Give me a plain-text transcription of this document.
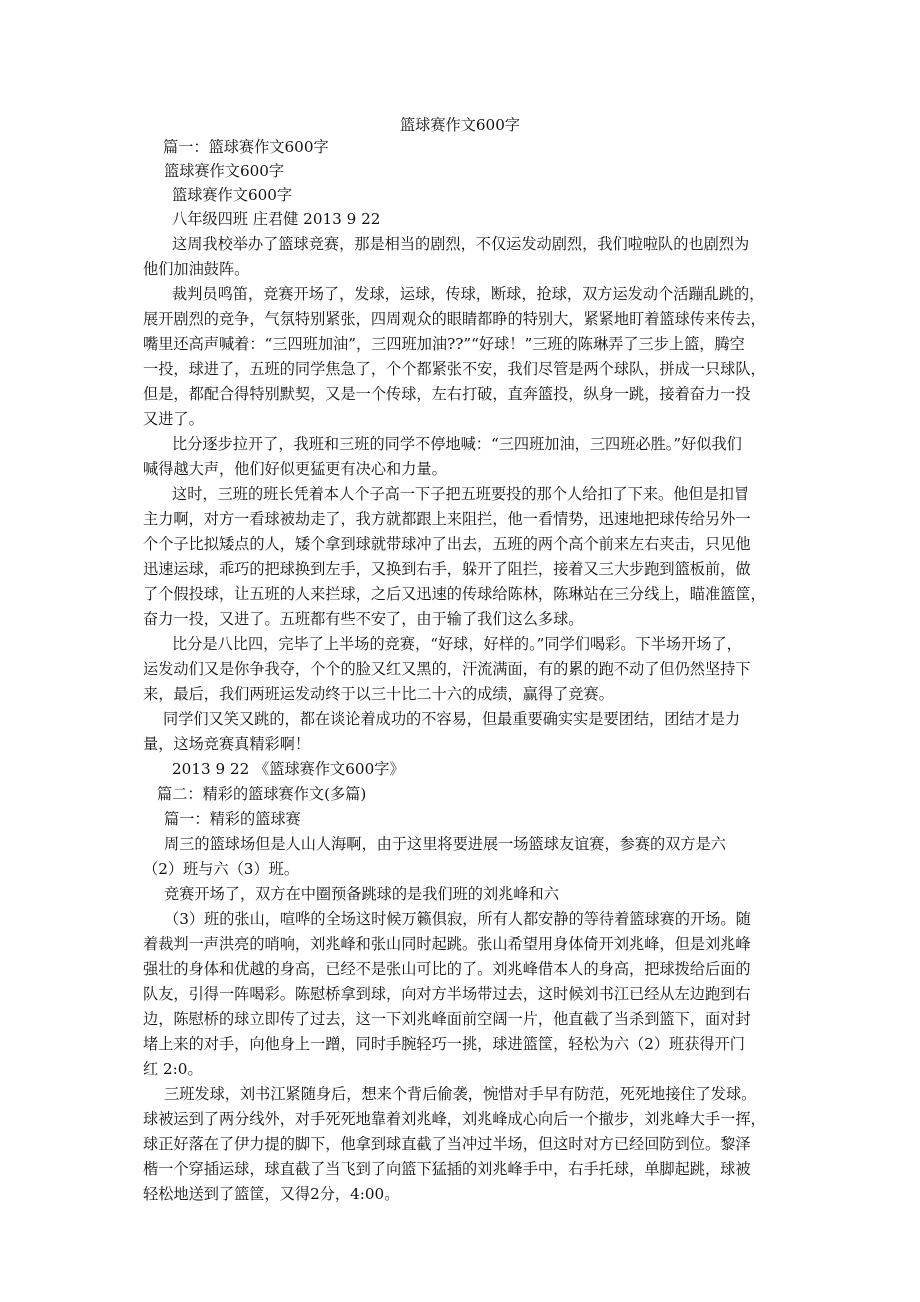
篮球赛作文600字
篇一：篮球赛作文600字
篮球赛作文600字
篮球赛作文600字
八年级四班 庄君健 2013 9 22
这周我校举办了篮球竞赛，那是相当的剧烈，不仅运发动剧烈，我们啦啦队的也剧烈为
他们加油鼓阵。
裁判员鸣笛，竞赛开场了，发球，运球，传球，断球，抢球，双方运发动个活蹦乱跳的，
展开剧烈的竞争，气氛特别紧张，四周观众的眼睛都睁的特别大，紧紧地盯着篮球传来传去，
嘴里还高声喊着：“三四班加油”，三四班加油??”“好球！”三班的陈琳弄了三步上篮，腾空
一投，球进了，五班的同学焦急了，个个都紧张不安，我们尽管是两个球队，拼成一只球队，
但是，都配合得特别默契，又是一个传球，左右打破，直奔篮投，纵身一跳，接着奋力一投
又进了。
比分逐步拉开了，我班和三班的同学不停地喊：“三四班加油，三四班必胜。”好似我们
喊得越大声，他们好似更猛更有决心和力量。
这时，三班的班长凭着本人个子高一下子把五班要投的那个人给扣了下来。他但是扣冒
主力啊，对方一看球被劫走了，我方就都跟上来阻拦，他一看情势，迅速地把球传给另外一
个个子比拟矮点的人，矮个拿到球就带球冲了出去，五班的两个高个前来左右夹击，只见他
迅速运球，乖巧的把球换到左手，又换到右手，躲开了阻拦，接着又三大步跑到篮板前，做
了个假投球，让五班的人来拦球，之后又迅速的传球给陈林，陈琳站在三分线上，瞄准篮筐，
奋力一投，又进了。五班都有些不安了，由于输了我们这么多球。
比分是八比四，完毕了上半场的竞赛，“好球，好样的。”同学们喝彩。下半场开场了，
运发动们又是你争我夺，个个的脸又红又黑的，汗流满面，有的累的跑不动了但仍然坚持下
来，最后，我们两班运发动终于以三十比二十六的成绩，赢得了竞赛。
同学们又笑又跳的，都在谈论着成功的不容易，但最重要确实实是要团结，团结才是力
量，这场竞赛真精彩啊！
2013 9 22 《篮球赛作文600字》
篇二：精彩的篮球赛作文(多篇)
篇一：精彩的篮球赛
周三的篮球场但是人山人海啊，由于这里将要进展一场篮球友谊赛，参赛的双方是六
（2）班与六（3）班。
竞赛开场了，双方在中圈预备跳球的是我们班的刘兆峰和六
（3）班的张山，喧哗的全场这时候万籁俱寂，所有人都安静的等待着篮球赛的开场。随
着裁判一声洪亮的哨响，刘兆峰和张山同时起跳。张山希望用身体倚开刘兆峰，但是刘兆峰
强壮的身体和优越的身高，已经不是张山可比的了。刘兆峰借本人的身高，把球拨给后面的
队友，引得一阵喝彩。陈慰桥拿到球，向对方半场带过去，这时候刘书江已经从左边跑到右
边，陈慰桥的球立即传了过去，这一下刘兆峰面前空阔一片，他直截了当杀到篮下，面对封
堵上来的对手，向他身上一蹭，同时手腕轻巧一挑，球进篮筐，轻松为六（2）班获得开门
红 2:0。
三班发球，刘书江紧随身后，想来个背后偷袭，惋惜对手早有防范，死死地接住了发球。
球被运到了两分线外，对手死死地靠着刘兆峰，刘兆峰成心向后一个撤步，刘兆峰大手一挥，
球正好落在了伊力提的脚下，他拿到球直截了当冲过半场，但这时对方已经回防到位。黎泽
楷一个穿插运球，球直截了当飞到了向篮下猛插的刘兆峰手中，右手托球，单脚起跳，球被
轻松地送到了篮筐，又得2分，4:00。
